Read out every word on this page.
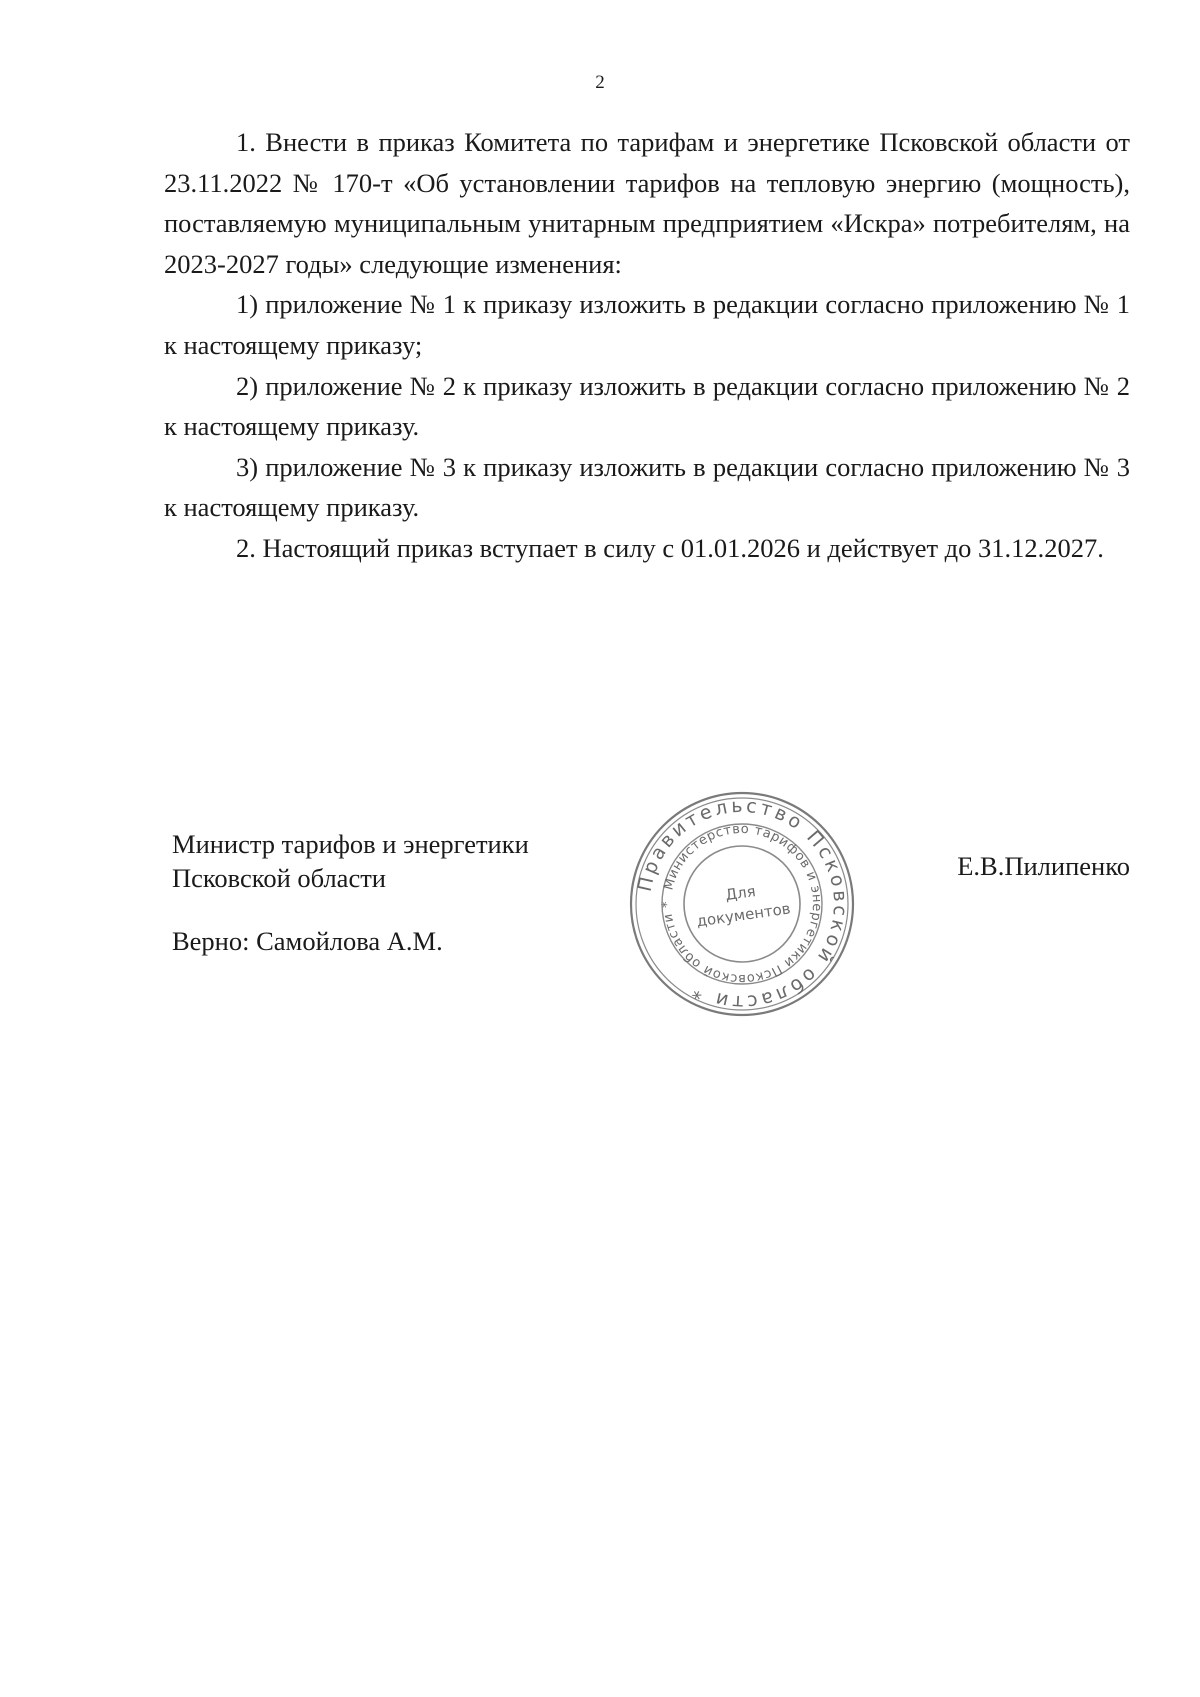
2

1. Внести в приказ Комитета по тарифам и энергетике Псковской области от 23.11.2022 № 170-т «Об установлении тарифов на тепловую энергию (мощность), поставляемую муниципальным унитарным предприятием «Искра» потребителям, на 2023-2027 годы» следующие изменения:

1) приложение № 1 к приказу изложить в редакции согласно приложению № 1 к настоящему приказу;

2) приложение № 2 к приказу изложить в редакции согласно приложению № 2 к настоящему приказу.

3) приложение № 3 к приказу изложить в редакции согласно приложению № 3 к настоящему приказу.

2. Настоящий приказ вступает в силу с 01.01.2026 и действует до 31.12.2027.

Министр тарифов и энергетики
Псковской области
Верно: Самойлова А.М.
Е.В.Пилипенко
Правительство Псковской области *
Министерство тарифов и энергетики Псковской области *
Для
документов
